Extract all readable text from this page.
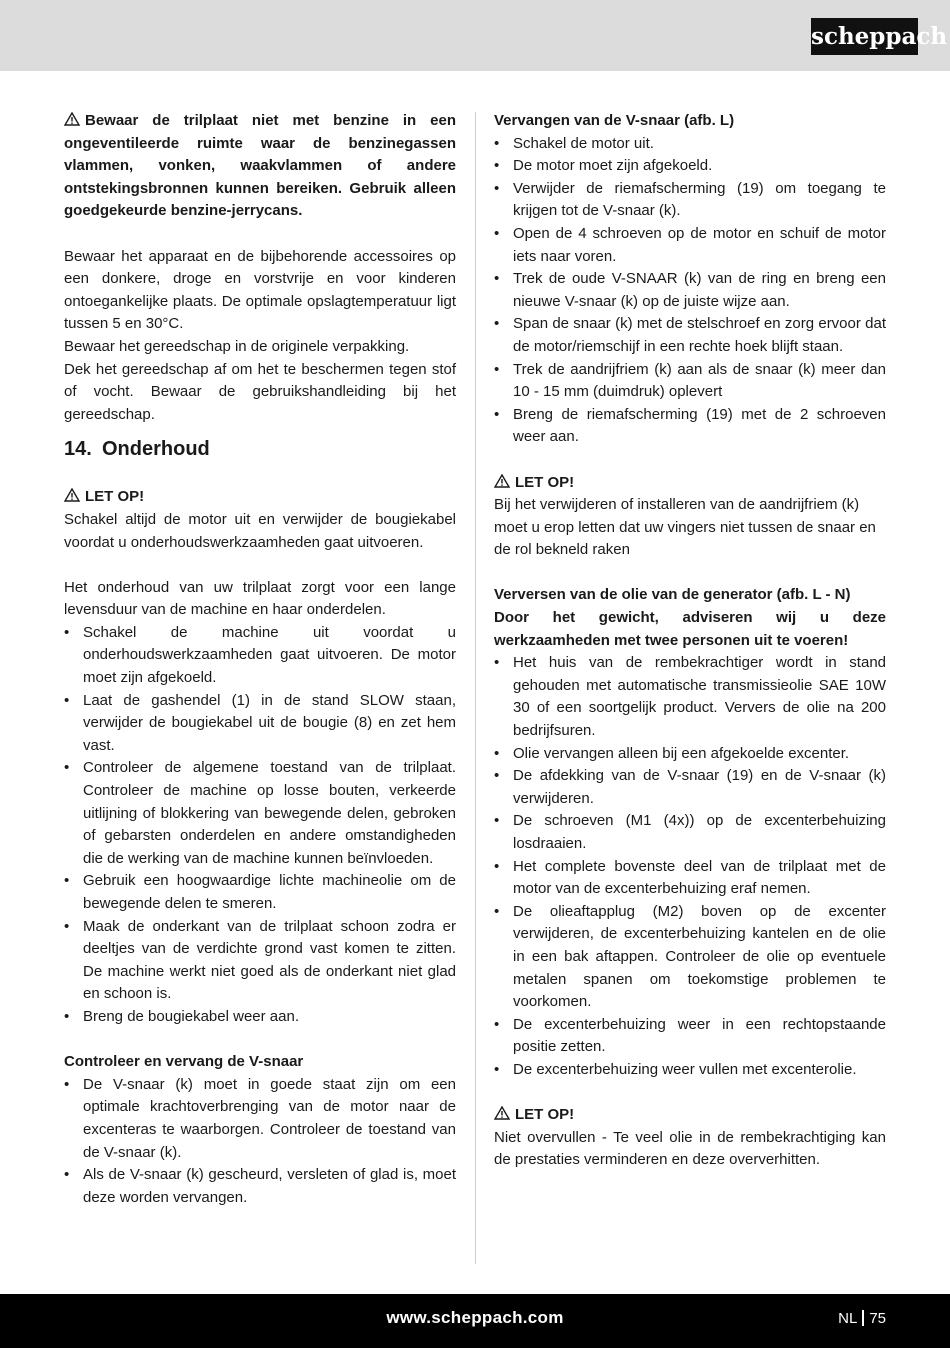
scheppach

Bewaar de trilplaat niet met benzine in een ongeventileerde ruimte waar de benzinegassen vlammen, vonken, waakvlammen of andere ontstekingsbronnen kunnen bereiken. Gebruik alleen goedgekeurde benzine-jerrycans.

Bewaar het apparaat en de bijbehorende accessoires op een donkere, droge en vorstvrije en voor kinderen ontoegankelijke plaats. De optimale opslagtemperatuur ligt tussen 5 en 30°C.

Bewaar het gereedschap in de originele verpakking.

Dek het gereedschap af om het te beschermen tegen stof of vocht. Bewaar de gebruikshandleiding bij het gereedschap.

14. Onderhoud
LET OP!

Schakel altijd de motor uit en verwijder de bougiekabel voordat u onderhoudswerkzaamheden gaat uitvoeren.

Het onderhoud van uw trilplaat zorgt voor een lange levensduur van de machine en haar onderdelen.

• Schakel de machine uit voordat u onderhoudswerkzaamheden gaat uitvoeren. De motor moet zijn afgekoeld.
• Laat de gashendel (1) in de stand SLOW staan, verwijder de bougiekabel uit de bougie (8) en zet hem vast.
• Controleer de algemene toestand van de trilplaat. Controleer de machine op losse bouten, verkeerde uitlijning of blokkering van bewegende delen, gebroken of gebarsten onderdelen en andere omstandigheden die de werking van de machine kunnen beïnvloeden.
• Gebruik een hoogwaardige lichte machineolie om de bewegende delen te smeren.
• Maak de onderkant van de trilplaat schoon zodra er deeltjes van de verdichte grond vast komen te zitten. De machine werkt niet goed als de onderkant niet glad en schoon is.
• Breng de bougiekabel weer aan.
Controleer en vervang de V-snaar
• De V-snaar (k) moet in goede staat zijn om een optimale krachtoverbrenging van de motor naar de excenteras te waarborgen. Controleer de toestand van de V-snaar (k).
• Als de V-snaar (k) gescheurd, versleten of glad is, moet deze worden vervangen.
Vervangen van de V-snaar (afb. L)
• Schakel de motor uit.
• De motor moet zijn afgekoeld.
• Verwijder de riemafscherming (19) om toegang te krijgen tot de V-snaar (k).
• Open de 4 schroeven op de motor en schuif de motor iets naar voren.
• Trek de oude V-SNAAR (k) van de ring en breng een nieuwe V-snaar (k) op de juiste wijze aan.
• Span de snaar (k) met de stelschroef en zorg ervoor dat de motor/riemschijf in een rechte hoek blijft staan.
• Trek de aandrijfriem (k) aan als de snaar (k) meer dan 10 - 15 mm (duimdruk) oplevert
• Breng de riemafscherming (19) met de 2 schroeven weer aan.
LET OP!

Bij het verwijderen of installeren van de aandrijfriem (k) moet u erop letten dat uw vingers niet tussen de snaar en de rol bekneld raken

Verversen van de olie van de generator (afb. L - N)

Door het gewicht, adviseren wij u deze werkzaamheden met twee personen uit te voeren!

• Het huis van de rembekrachtiger wordt in stand gehouden met automatische transmissieolie SAE 10W 30 of een soortgelijk product. Ververs de olie na 200 bedrijfsuren.
• Olie vervangen alleen bij een afgekoelde excenter.
• De afdekking van de V-snaar (19) en de V-snaar (k) verwijderen.
• De schroeven (M1 (4x)) op de excenterbehuizing losdraaien.
• Het complete bovenste deel van de trilplaat met de motor van de excenterbehuizing eraf nemen.
• De olieaftapplug (M2) boven op de excenter verwijderen, de excenterbehuizing kantelen en de olie in een bak aftappen. Controleer de olie op eventuele metalen spanen om toekomstige problemen te voorkomen.
• De excenterbehuizing weer in een rechtopstaande positie zetten.
• De excenterbehuizing weer vullen met excenterolie.
LET OP!

Niet overvullen - Te veel olie in de rembekrachtiging kan de prestaties verminderen en deze oververhitten.

www.scheppach.com	NL 75
